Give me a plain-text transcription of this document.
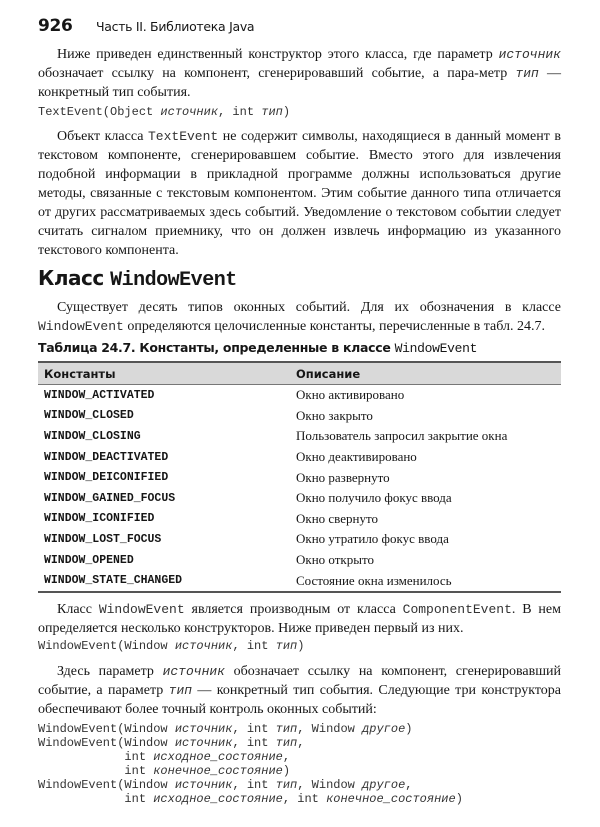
926	Часть II. Библиотека Java

Ниже приведен единственный конструктор этого класса, где параметр источник обозначает ссылку на компонент, сгенерировавший событие, а пара-метр тип — конкретный тип события.

TextEvent(Object источник, int тип)

Объект класса TextEvent не содержит символы, находящиеся в данный момент в текстовом компоненте, сгенерировавшем событие. Вместо этого для извлечения подобной информации в прикладной программе должны использоваться другие методы, связанные с текстовым компонентом. Этим событие данного типа отличается от других рассматриваемых здесь событий. Уведомление о текстовом событии следует считать сигналом приемнику, что он должен извлечь информацию из указанного текстового компонента.

Класс WindowEvent

Существует десять типов оконных событий. Для их обозначения в классе WindowEvent определяются целочисленные константы, перечисленные в табл. 24.7.

Таблица 24.7. Константы, определенные в классе WindowEvent
Константы	Описание
WINDOW_ACTIVATED	Окно активировано
WINDOW_CLOSED	Окно закрыто
WINDOW_CLOSING	Пользователь запросил закрытие окна
WINDOW_DEACTIVATED	Окно деактивировано
WINDOW_DEICONIFIED	Окно развернуто
WINDOW_GAINED_FOCUS	Окно получило фокус ввода
WINDOW_ICONIFIED	Окно свернуто
WINDOW_LOST_FOCUS	Окно утратило фокус ввода
WINDOW_OPENED	Окно открыто
WINDOW_STATE_CHANGED	Состояние окна изменилось

Класс WindowEvent является производным от класса ComponentEvent. В нем определяется несколько конструкторов. Ниже приведен первый из них.

WindowEvent(Window источник, int тип)

Здесь параметр источник обозначает ссылку на компонент, сгенерировавший событие, а параметр тип — конкретный тип события. Следующие три конструктора обеспечивают более точный контроль оконных событий:

WindowEvent(Window источник, int тип, Window другое)
WindowEvent(Window источник, int тип,
int исходное_состояние,
int конечное_состояние)
WindowEvent(Window источник, int тип, Window другое,
int исходное_состояние, int конечное_состояние)
